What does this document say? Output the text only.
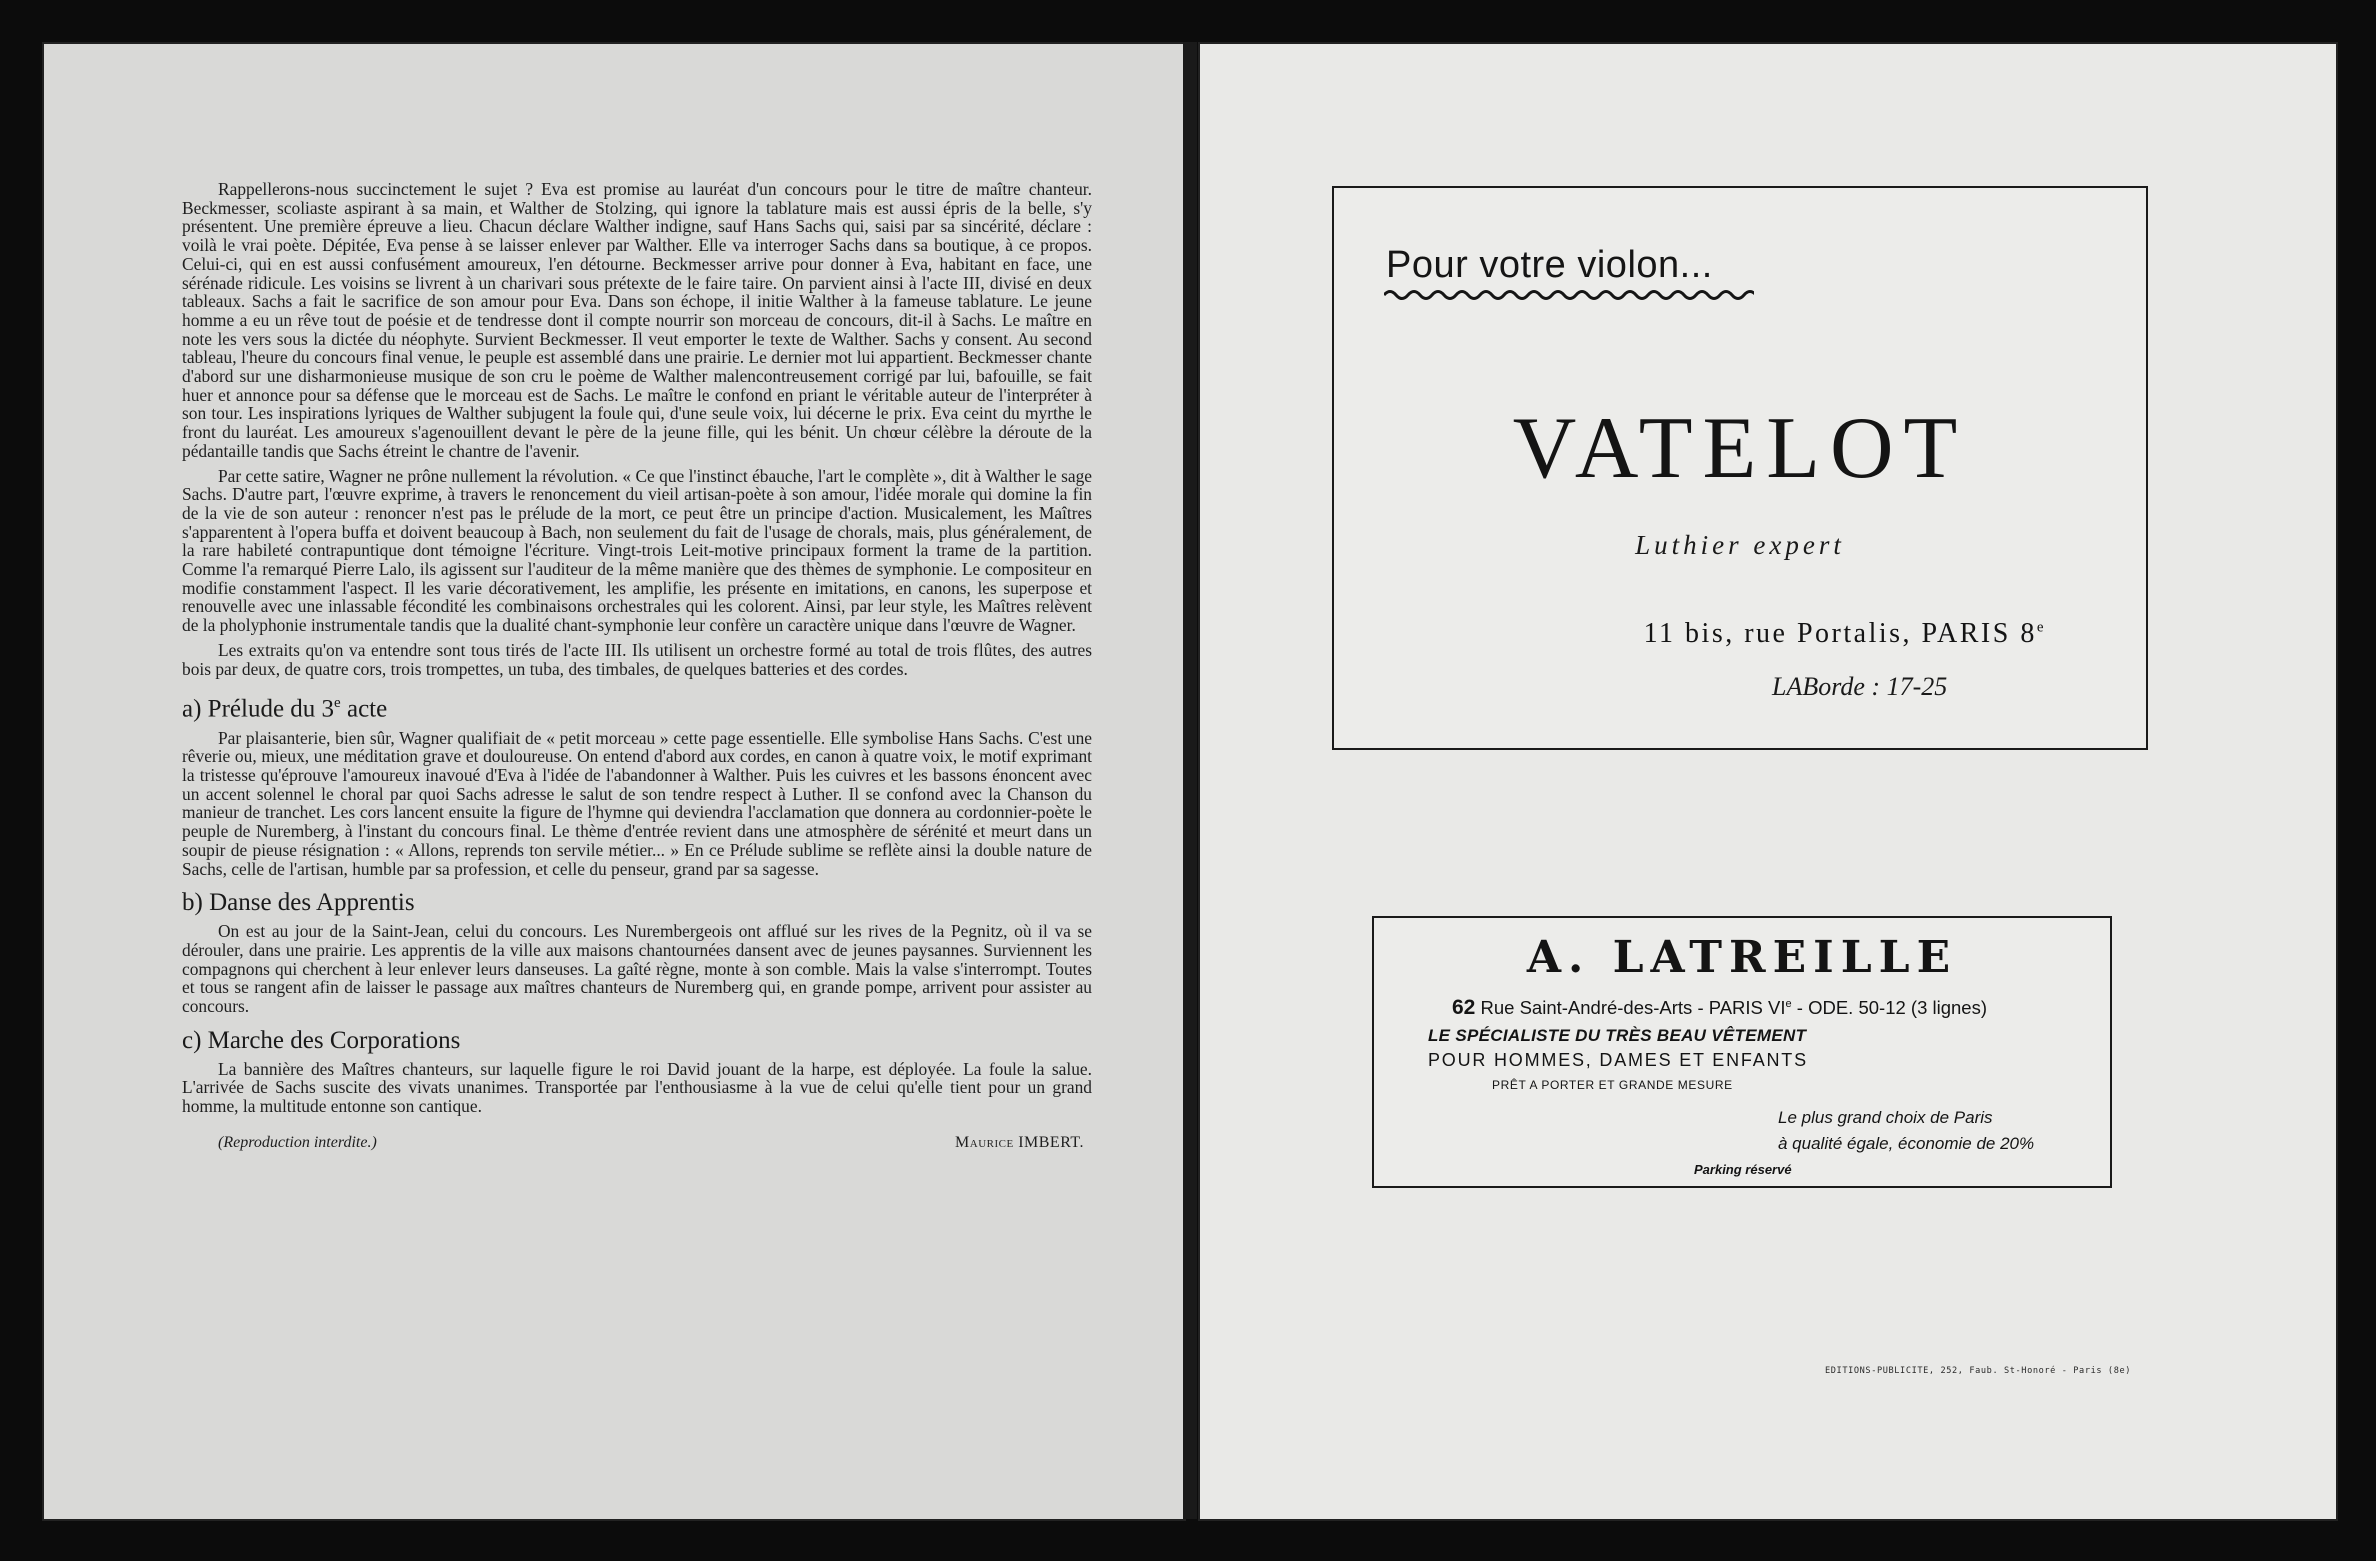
Rappellerons-nous succinctement le sujet ? Eva est promise au lauréat d'un concours pour le titre de maître chanteur. Beckmesser, scoliaste aspirant à sa main, et Walther de Stolzing, qui ignore la tablature mais est aussi épris de la belle, s'y présentent. Une première épreuve a lieu. Chacun déclare Walther indigne, sauf Hans Sachs qui, saisi par sa sincérité, déclare : voilà le vrai poète. Dépitée, Eva pense à se laisser enlever par Walther. Elle va interroger Sachs dans sa boutique, à ce propos. Celui-ci, qui en est aussi confusément amoureux, l'en détourne. Beckmesser arrive pour donner à Eva, habitant en face, une sérénade ridicule. Les voisins se livrent à un charivari sous prétexte de le faire taire. On parvient ainsi à l'acte III, divisé en deux tableaux. Sachs a fait le sacrifice de son amour pour Eva. Dans son échope, il initie Walther à la fameuse tablature. Le jeune homme a eu un rêve tout de poésie et de tendresse dont il compte nourrir son morceau de concours, dit-il à Sachs. Le maître en note les vers sous la dictée du néophyte. Survient Beckmesser. Il veut emporter le texte de Walther. Sachs y consent. Au second tableau, l'heure du concours final venue, le peuple est assemblé dans une prairie. Le dernier mot lui appartient. Beckmesser chante d'abord sur une disharmonieuse musique de son cru le poème de Walther malencontreusement corrigé par lui, bafouille, se fait huer et annonce pour sa défense que le morceau est de Sachs. Le maître le confond en priant le véritable auteur de l'interpréter à son tour. Les inspirations lyriques de Walther subjugent la foule qui, d'une seule voix, lui décerne le prix. Eva ceint du myrthe le front du lauréat. Les amoureux s'agenouillent devant le père de la jeune fille, qui les bénit. Un chœur célèbre la déroute de la pédantaille tandis que Sachs étreint le chantre de l'avenir.

Par cette satire, Wagner ne prône nullement la révolution. « Ce que l'instinct ébauche, l'art le complète », dit à Walther le sage Sachs. D'autre part, l'œuvre exprime, à travers le renoncement du vieil artisan-poète à son amour, l'idée morale qui domine la fin de la vie de son auteur : renoncer n'est pas le prélude de la mort, ce peut être un principe d'action. Musicalement, les Maîtres s'apparentent à l'opera buffa et doivent beaucoup à Bach, non seulement du fait de l'usage de chorals, mais, plus généralement, de la rare habileté contrapuntique dont témoigne l'écriture. Vingt-trois Leit-motive principaux forment la trame de la partition. Comme l'a remarqué Pierre Lalo, ils agissent sur l'auditeur de la même manière que des thèmes de symphonie. Le compositeur en modifie constamment l'aspect. Il les varie décorativement, les amplifie, les présente en imitations, en canons, les superpose et renouvelle avec une inlassable fécondité les combinaisons orchestrales qui les colorent. Ainsi, par leur style, les Maîtres relèvent de la pholyphonie instrumentale tandis que la dualité chant-symphonie leur confère un caractère unique dans l'œuvre de Wagner.

Les extraits qu'on va entendre sont tous tirés de l'acte III. Ils utilisent un orchestre formé au total de trois flûtes, des autres bois par deux, de quatre cors, trois trompettes, un tuba, des timbales, de quelques batteries et des cordes.

a) Prélude du 3e acte

Par plaisanterie, bien sûr, Wagner qualifiait de « petit morceau » cette page essentielle. Elle symbolise Hans Sachs. C'est une rêverie ou, mieux, une méditation grave et douloureuse. On entend d'abord aux cordes, en canon à quatre voix, le motif exprimant la tristesse qu'éprouve l'amoureux inavoué d'Eva à l'idée de l'abandonner à Walther. Puis les cuivres et les bassons énoncent avec un accent solennel le choral par quoi Sachs adresse le salut de son tendre respect à Luther. Il se confond avec la Chanson du manieur de tranchet. Les cors lancent ensuite la figure de l'hymne qui deviendra l'acclamation que donnera au cordonnier-poète le peuple de Nuremberg, à l'instant du concours final. Le thème d'entrée revient dans une atmosphère de sérénité et meurt dans un soupir de pieuse résignation : « Allons, reprends ton servile métier... » En ce Prélude sublime se reflète ainsi la double nature de Sachs, celle de l'artisan, humble par sa profession, et celle du penseur, grand par sa sagesse.

b) Danse des Apprentis

On est au jour de la Saint-Jean, celui du concours. Les Nurembergeois ont afflué sur les rives de la Pegnitz, où il va se dérouler, dans une prairie. Les apprentis de la ville aux maisons chantournées dansent avec de jeunes paysannes. Surviennent les compagnons qui cherchent à leur enlever leurs danseuses. La gaîté règne, monte à son comble. Mais la valse s'interrompt. Toutes et tous se rangent afin de laisser le passage aux maîtres chanteurs de Nuremberg qui, en grande pompe, arrivent pour assister au concours.

c) Marche des Corporations

La bannière des Maîtres chanteurs, sur laquelle figure le roi David jouant de la harpe, est déployée. La foule la salue. L'arrivée de Sachs suscite des vivats unanimes. Transportée par l'enthousiasme à la vue de celui qu'elle tient pour un grand homme, la multitude entonne son cantique.

(Reproduction interdite.)	Maurice IMBERT.
Pour votre violon...
VATELOT
Luthier expert
11 bis, rue Portalis, PARIS 8e
LABorde : 17-25
A. LATREILLE
62 Rue Saint-André-des-Arts - PARIS VIe - ODE. 50-12 (3 lignes)
LE SPÉCIALISTE DU TRÈS BEAU VÊTEMENT
POUR HOMMES, DAMES ET ENFANTS
PRÊT A PORTER ET GRANDE MESURE
Le plus grand choix de Paris
à qualité égale, économie de 20%
Parking réservé
EDITIONS-PUBLICITE, 252, Faub. St-Honoré - Paris (8e)
